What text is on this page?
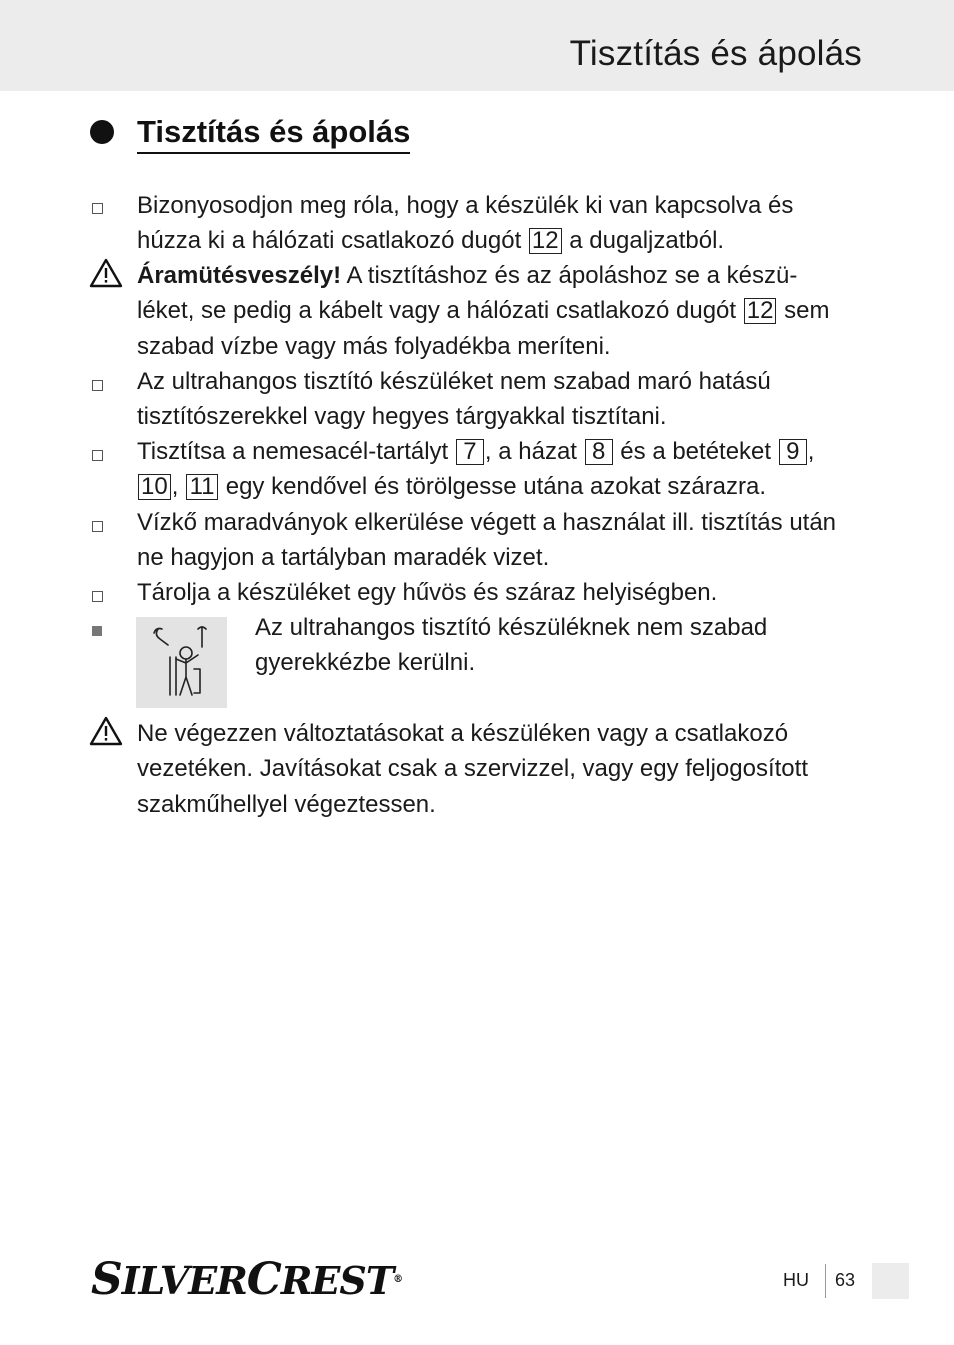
Tisztítás és ápolás
Tisztítás és ápolás
Bizonyosodjon meg róla, hogy a készülék ki van kapcsolva és
húzza ki a hálózati csatlakozó dugót 12 a dugaljzatból.
Áramütésveszély! A tisztításhoz és az ápoláshoz se a készü-
léket, se pedig a kábelt vagy a hálózati csatlakozó dugót 12 sem
szabad vízbe vagy más folyadékba meríteni.
Az ultrahangos tisztító készüléket nem szabad maró hatású
tisztítószerekkel vagy hegyes tárgyakkal tisztítani.
Tisztítsa a nemesacél-tartályt 7 , a házat 8 és a betéteket 9 ,
10 , 11 egy kendővel és törölgesse utána azokat szárazra.
Vízkő maradványok elkerülése végett a használat ill. tisztítás után
ne hagyjon a tartályban maradék vizet.
Tárolja a készüléket egy hűvös és száraz helyiségben.
Az ultrahangos tisztító készüléknek nem szabad
gyerekkézbe kerülni.
Ne végezzen változtatásokat a készüléken vagy a csatlakozó
vezetéken. Javításokat csak a szervizzel, vagy egy feljogosított
szakműhellyel végeztessen.
SILVERCREST®	HU 63
